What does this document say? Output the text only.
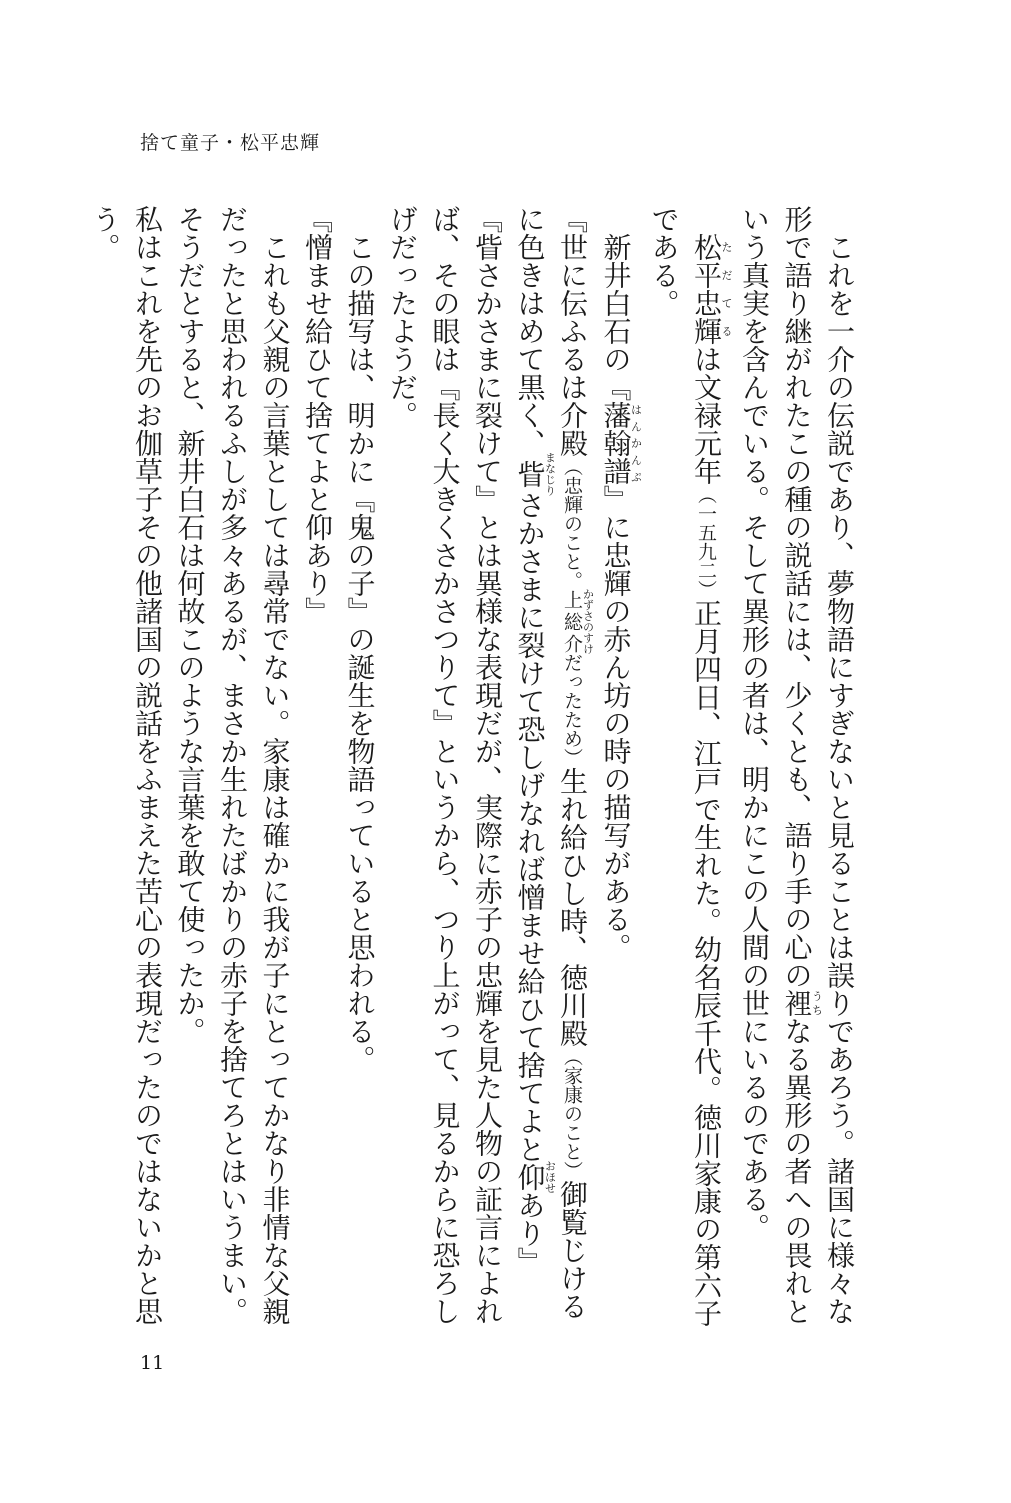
捨て童子・松平忠輝

これを一介の伝説であり、夢物語にすぎないと見ることは誤りであろう。諸国に様々な形で語り継がれたこの種の説話には、少くとも、語り手の心の裡うちなる異形の者への畏れという真実を含んでいる。そして異形の者は、明かにこの人間の世にいるのである。

松平忠輝ただてるは文禄元年（一五九二）正月四日、江戸で生れた。幼名辰千代。徳川家康の第六子である。

新井白石の『藩翰譜はんかんぷ』に忠輝の赤ん坊の時の描写がある。

『世に伝ふるは介殿（忠輝のこと。上総介かずさのすけだったため）生れ給ひし時、徳川殿（家康のこと）御覧じけるに色きはめて黒く、眥まなじりさかさまに裂けて恐しげなれば憎ませ給ひて捨てよと仰おほせあり』

『眥さかさまに裂けて』とは異様な表現だが、実際に赤子の忠輝を見た人物の証言によれば、その眼は『長く大きくさかさつりて』というから、つり上がって、見るからに恐ろしげだったようだ。

この描写は、明かに『鬼の子』の誕生を物語っていると思われる。

『憎ませ給ひて捨てよと仰あり』

これも父親の言葉としては尋常でない。家康は確かに我が子にとってかなり非情な父親だったと思われるふしが多々あるが、まさか生れたばかりの赤子を捨てろとはいうまい。そうだとすると、新井白石は何故このような言葉を敢て使ったか。

私はこれを先のお伽草子その他諸国の説話をふまえた苦心の表現だったのではないかと思う。

11
